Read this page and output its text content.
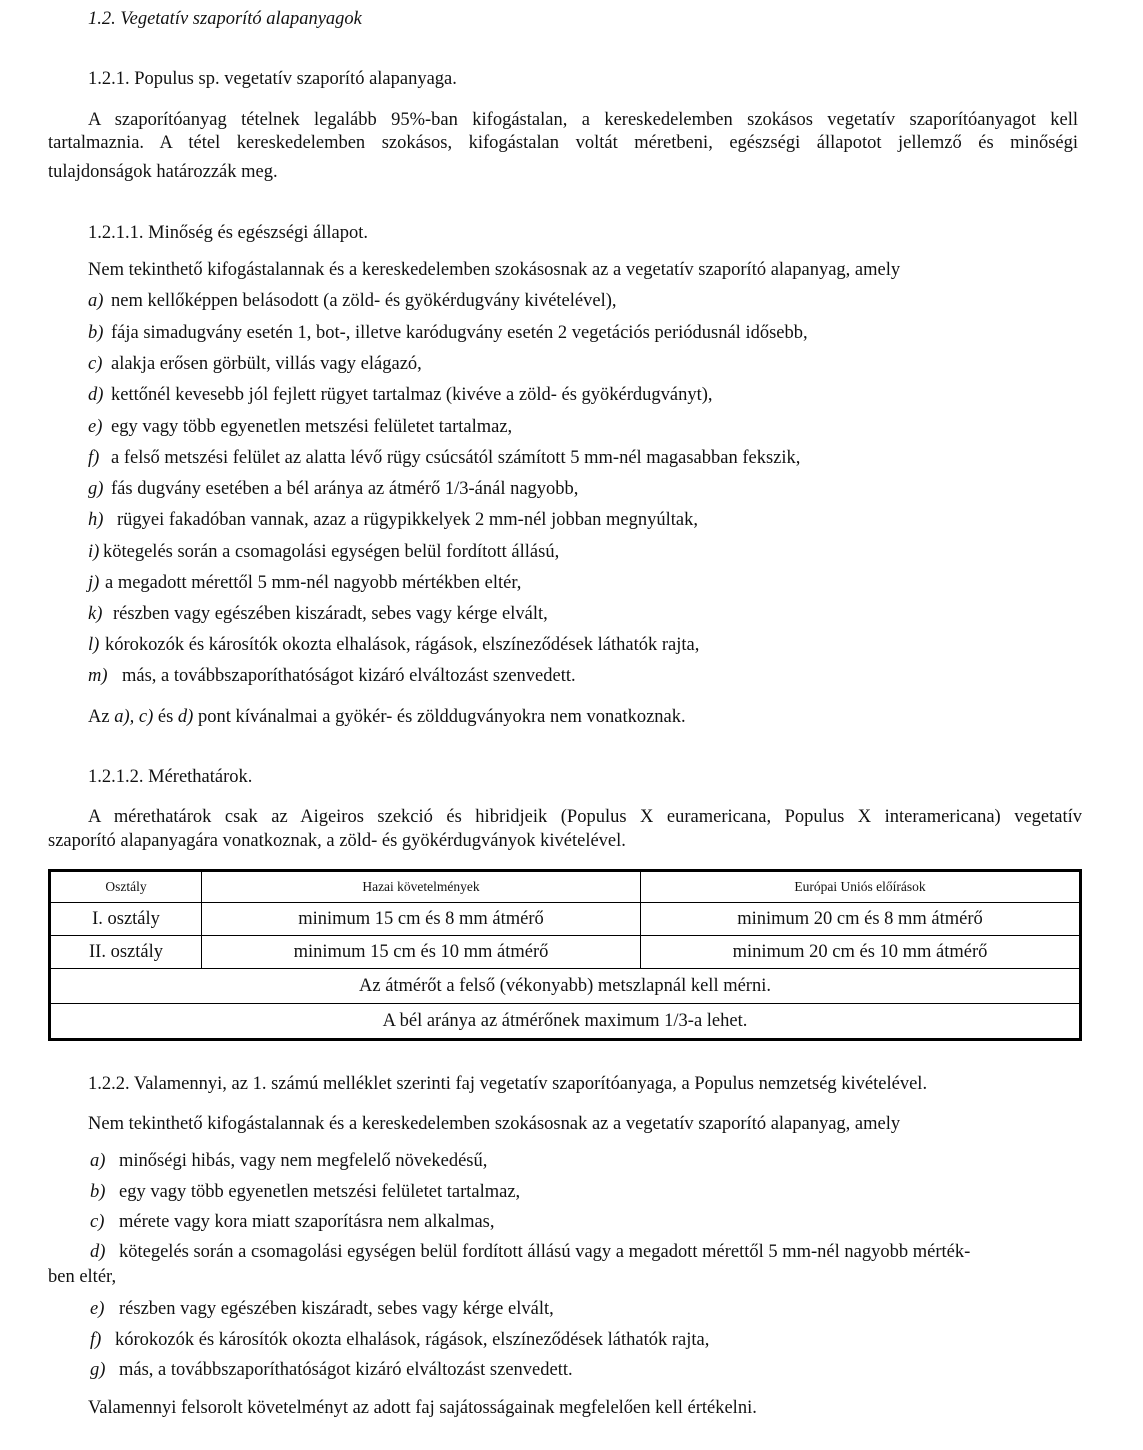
1.2. Vegetatív szaporító alapanyagok
1.2.1. Populus sp. vegetatív szaporító alapanyaga.
A szaporítóanyag tételnek legalább 95%-ban kifogástalan, a kereskedelemben szokásos vegetatív szaporítóanyagot kell
tartalmaznia. A tétel kereskedelemben szokásos, kifogástalan voltát méretbeni, egészségi állapotot jellemző és minőségi
tulajdonságok határozzák meg.
1.2.1.1. Minőség és egészségi állapot.
Nem tekinthető kifogástalannak és a kereskedelemben szokásosnak az a vegetatív szaporító alapanyag, amely
a) nem kellőképpen belásodott (a zöld- és gyökérdugvány kivételével),
b) fája simadugvány esetén 1, bot-, illetve karódugvány esetén 2 vegetációs periódusnál idősebb,
c) alakja erősen görbült, villás vagy elágazó,
d) kettőnél kevesebb jól fejlett rügyet tartalmaz (kivéve a zöld- és gyökérdugványt),
e) egy vagy több egyenetlen metszési felületet tartalmaz,
f) a felső metszési felület az alatta lévő rügy csúcsától számított 5 mm-nél magasabban fekszik,
g) fás dugvány esetében a bél aránya az átmérő 1/3-ánál nagyobb,
h) rügyei fakadóban vannak, azaz a rügypikkelyek 2 mm-nél jobban megnyúltak,
i) kötegelés során a csomagolási egységen belül fordított állású,
j) a megadott mérettől 5 mm-nél nagyobb mértékben eltér,
k) részben vagy egészében kiszáradt, sebes vagy kérge elvált,
l) kórokozók és károsítók okozta elhalások, rágások, elszíneződések láthatók rajta,
m) más, a továbbszaporíthatóságot kizáró elváltozást szenvedett.
Az a), c) és d) pont kívánalmai a gyökér- és zölddugványokra nem vonatkoznak.
1.2.1.2. Mérethatárok.
A mérethatárok csak az Aigeiros szekció és hibridjeik (Populus X euramericana, Populus X interamericana) vegetatív
szaporító alapanyagára vonatkoznak, a zöld- és gyökérdugványok kivételével.
Osztály	Hazai követelmények	Európai Uniós előírások
I. osztály	minimum 15 cm és 8 mm átmérő	minimum 20 cm és 8 mm átmérő
II. osztály	minimum 15 cm és 10 mm átmérő	minimum 20 cm és 10 mm átmérő
Az átmérőt a felső (vékonyabb) metszlapnál kell mérni.		
A bél aránya az átmérőnek maximum 1/3-a lehet.		
1.2.2. Valamennyi, az 1. számú melléklet szerinti faj vegetatív szaporítóanyaga, a Populus nemzetség kivételével.
Nem tekinthető kifogástalannak és a kereskedelemben szokásosnak az a vegetatív szaporító alapanyag, amely
a) minőségi hibás, vagy nem megfelelő növekedésű,
b) egy vagy több egyenetlen metszési felületet tartalmaz,
c) mérete vagy kora miatt szaporításra nem alkalmas,
d) kötegelés során a csomagolási egységen belül fordított állású vagy a megadott mérettől 5 mm-nél nagyobb mérték-
ben eltér,
e) részben vagy egészében kiszáradt, sebes vagy kérge elvált,
f) kórokozók és károsítók okozta elhalások, rágások, elszíneződések láthatók rajta,
g) más, a továbbszaporíthatóságot kizáró elváltozást szenvedett.
Valamennyi felsorolt követelményt az adott faj sajátosságainak megfelelően kell értékelni.
